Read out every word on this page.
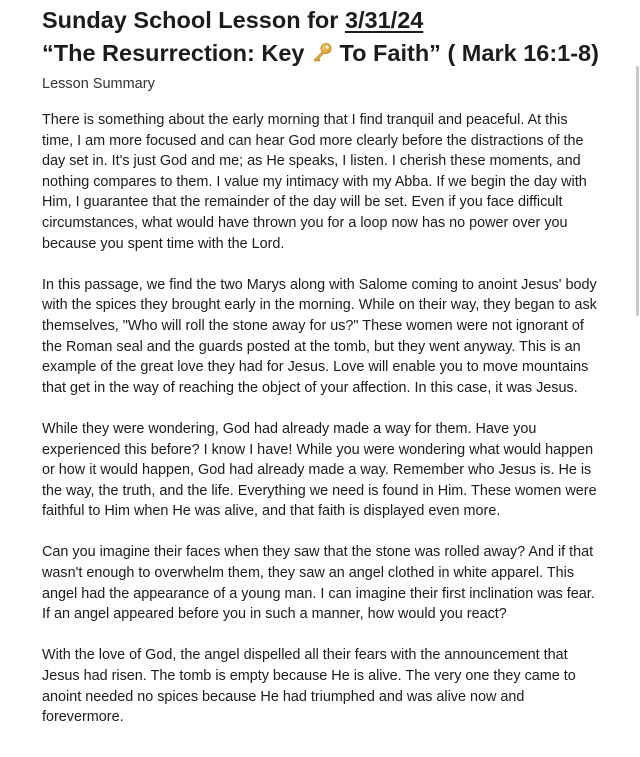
Sunday School Lesson for 3/31/24
“The Resurrection: Key  To Faith” ( Mark 16:1-8)

Lesson Summary

There is something about the early morning that I find tranquil and peaceful. At this time, I am more focused and can hear God more clearly before the distractions of the day set in. It's just God and me; as He speaks, I listen. I cherish these moments, and nothing compares to them. I value my intimacy with my Abba. If we begin the day with Him, I guarantee that the remainder of the day will be set. Even if you face difficult circumstances, what would have thrown you for a loop now has no power over you because you spent time with the Lord.

In this passage, we find the two Marys along with Salome coming to anoint Jesus' body with the spices they brought early in the morning. While on their way, they began to ask themselves, "Who will roll the stone away for us?" These women were not ignorant of the Roman seal and the guards posted at the tomb, but they went anyway. This is an example of the great love they had for Jesus. Love will enable you to move mountains that get in the way of reaching the object of your affection. In this case, it was Jesus.

While they were wondering, God had already made a way for them. Have you experienced this before? I know I have! While you were wondering what would happen or how it would happen, God had already made a way. Remember who Jesus is. He is the way, the truth, and the life. Everything we need is found in Him. These women were faithful to Him when He was alive, and that faith is displayed even more.

Can you imagine their faces when they saw that the stone was rolled away? And if that wasn't enough to overwhelm them, they saw an angel clothed in white apparel. This angel had the appearance of a young man. I can imagine their first inclination was fear. If an angel appeared before you in such a manner, how would you react?

With the love of God, the angel dispelled all their fears with the announcement that Jesus had risen. The tomb is empty because He is alive. The very one they came to anoint needed no spices because He had triumphed and was alive now and forevermore.
